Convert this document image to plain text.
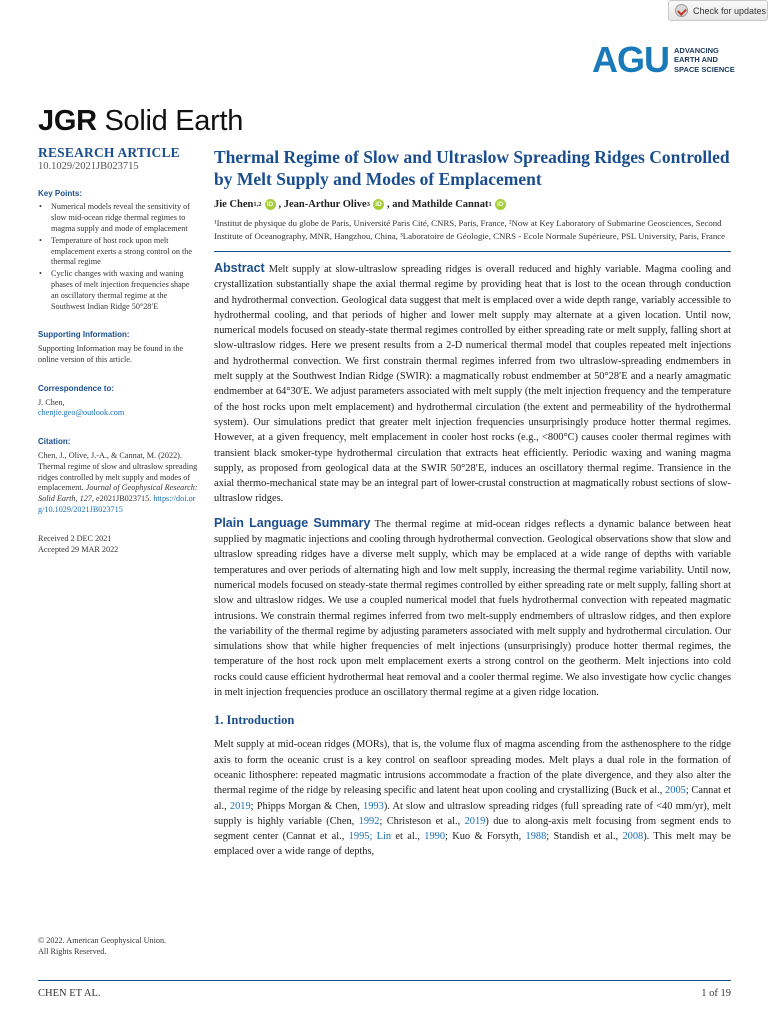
Check for updates
AGU ADVANCING
EARTH AND
SPACE SCIENCE
JGR Solid Earth
RESEARCH ARTICLE
10.1029/2021JB023715
Key Points:
• Numerical models reveal the sensitivity of slow mid-ocean ridge thermal regimes to magma supply and mode of emplacement
• Temperature of host rock upon melt emplacement exerts a strong control on the thermal regime
• Cyclic changes with waxing and waning phases of melt injection frequencies shape an oscillatory thermal regime at the Southwest Indian Ridge 50°28′E
Supporting Information:
Supporting Information may be found in the online version of this article.
Correspondence to:
J. Chen,
chenjie.geo@outlook.com
Citation:
Chen, J., Olive, J.-A., & Cannat, M. (2022). Thermal regime of slow and ultraslow spreading ridges controlled by melt supply and modes of emplacement. Journal of Geophysical Research: Solid Earth, 127, e2021JB023715. https://doi.org/10.1029/2021JB023715
Received 2 DEC 2021
Accepted 29 MAR 2022
Thermal Regime of Slow and Ultraslow Spreading Ridges Controlled by Melt Supply and Modes of Emplacement
Jie Chen 1,2 iD , Jean-Arthur Olive 3 iD , and Mathilde Cannat 1 iD
¹Institut de physique du globe de Paris, Université Paris Cité, CNRS, Paris, France, ²Now at Key Laboratory of Submarine Geosciences, Second Institute of Oceanography, MNR, Hangzhou, China, ³Laboratoire de Géologie, CNRS - Ecole Normale Supérieure, PSL University, Paris, France
Abstract Melt supply at slow-ultraslow spreading ridges is overall reduced and highly variable. Magma cooling and crystallization substantially shape the axial thermal regime by providing heat that is lost to the ocean through conduction and hydrothermal convection. Geological data suggest that melt is emplaced over a wide depth range, variably accessible to hydrothermal cooling, and that periods of higher and lower melt supply may alternate at a given location. Until now, numerical models focused on steady-state thermal regimes controlled by either spreading rate or melt supply, falling short at slow-ultraslow ridges. Here we present results from a 2-D numerical thermal model that couples repeated melt injections and hydrothermal convection. We first constrain thermal regimes inferred from two ultraslow-spreading endmembers in melt supply at the Southwest Indian Ridge (SWIR): a magmatically robust endmember at 50°28′E and a nearly amagmatic endmember at 64°30′E. We adjust parameters associated with melt supply (the melt injection frequency and the temperature of the host rocks upon melt emplacement) and hydrothermal circulation (the extent and permeability of the hydrothermal system). Our simulations predict that greater melt injection frequencies unsurprisingly produce hotter thermal regimes. However, at a given frequency, melt emplacement in cooler host rocks (e.g., <800°C) causes cooler thermal regimes with transient black smoker-type hydrothermal circulation that extracts heat efficiently. Periodic waxing and waning magma supply, as proposed from geological data at the SWIR 50°28′E, induces an oscillatory thermal regime. Transience in the axial thermo-mechanical state may be an integral part of lower-crustal construction at magmatically robust sections of slow-ultraslow ridges.
Plain Language Summary The thermal regime at mid-ocean ridges reflects a dynamic balance between heat supplied by magmatic injections and cooling through hydrothermal convection. Geological observations show that slow and ultraslow spreading ridges have a diverse melt supply, which may be emplaced at a wide range of depths with variable temperatures and over periods of alternating high and low melt supply, increasing the thermal regime variability. Until now, numerical models focused on steady-state thermal regimes controlled by either spreading rate or melt supply, falling short at slow and ultraslow ridges. We use a coupled numerical model that fuels hydrothermal convection with repeated magmatic intrusions. We constrain thermal regimes inferred from two melt-supply endmembers of ultraslow ridges, and then explore the variability of the thermal regime by adjusting parameters associated with melt supply and hydrothermal circulation. Our simulations show that while higher frequencies of melt injections (unsurprisingly) produce hotter thermal regimes, the temperature of the host rock upon melt emplacement exerts a strong control on the geotherm. Melt injections into cold rocks could cause efficient hydrothermal heat removal and a cooler thermal regime. We also investigate how cyclic changes in melt injection frequencies produce an oscillatory thermal regime at a given ridge location.
1. Introduction
Melt supply at mid-ocean ridges (MORs), that is, the volume flux of magma ascending from the asthenosphere to the ridge axis to form the oceanic crust is a key control on seafloor spreading modes. Melt plays a dual role in the formation of oceanic lithosphere: repeated magmatic intrusions accommodate a fraction of the plate divergence, and they also alter the thermal regime of the ridge by releasing specific and latent heat upon cooling and crystallizing (Buck et al., 2005; Cannat et al., 2019; Phipps Morgan & Chen, 1993). At slow and ultraslow spreading ridges (full spreading rate of <40 mm/yr), melt supply is highly variable (Chen, 1992; Christeson et al., 2019) due to along-axis melt focusing from segment ends to segment center (Cannat et al., 1995; Lin et al., 1990; Kuo & Forsyth, 1988; Standish et al., 2008). This melt may be emplaced over a wide range of depths,
© 2022. American Geophysical Union.
All Rights Reserved.
CHEN ET AL.	1 of 19
